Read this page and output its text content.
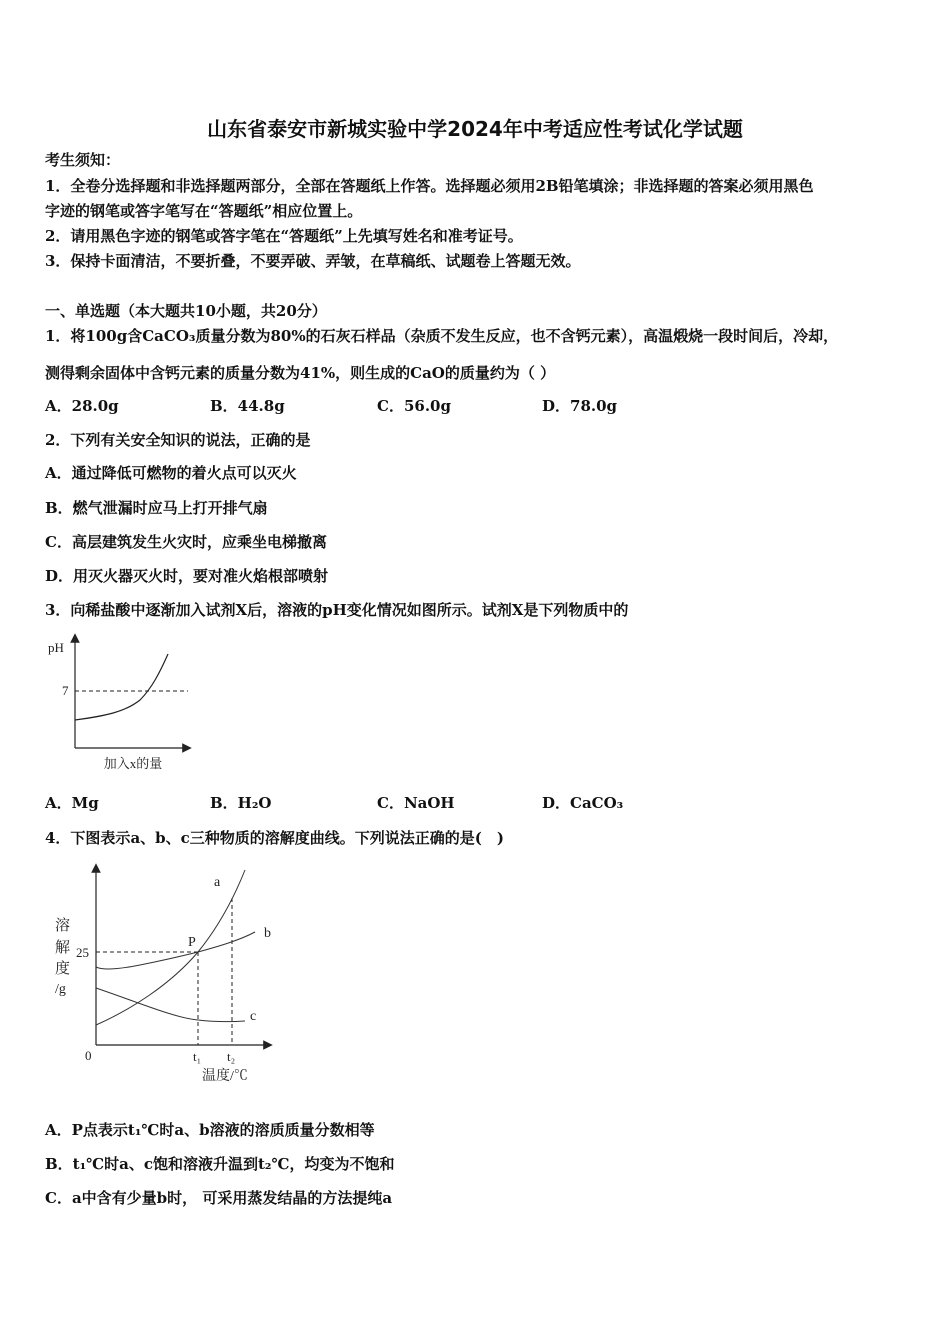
山东省泰安市新城实验中学2024年中考适应性考试化学试题
考生须知：
1．全卷分选择题和非选择题两部分，全部在答题纸上作答。选择题必须用2B铅笔填涂；非选择题的答案必须用黑色
字迹的钢笔或答字笔写在“答题纸”相应位置上。
2．请用黑色字迹的钢笔或答字笔在“答题纸”上先填写姓名和准考证号。
3．保持卡面清洁，不要折叠，不要弄破、弄皱，在草稿纸、试题卷上答题无效。
一、单选题（本大题共10小题，共20分）
1．将100g含CaCO₃质量分数为80%的石灰石样品（杂质不发生反应，也不含钙元素），高温煅烧一段时间后，冷却，
测得剩余固体中含钙元素的质量分数为41%，则生成的CaO的质量约为（ ）
A．28.0g	B．44.8g	C．56.0g	D．78.0g
2．下列有关安全知识的说法，正确的是
A．通过降低可燃物的着火点可以灭火
B．燃气泄漏时应马上打开排气扇
C．高层建筑发生火灾时，应乘坐电梯撤离
D．用灭火器灭火时，要对准火焰根部喷射
3．向稀盐酸中逐渐加入试剂X后，溶液的pH变化情况如图所示。试剂X是下列物质中的
pH
7
加入x的量
A．Mg	B．H₂O	C．NaOH	D．CaCO₃
4．下图表示a、b、c三种物质的溶解度曲线。下列说法正确的是(　)
溶
解
度
/g
25
P
0	t₁ t₂
温度/℃
a
b
c
A．P点表示t₁℃时a、b溶液的溶质质量分数相等
B．t₁℃时a、c饱和溶液升温到t₂℃，均变为不饱和
C．a中含有少量b时， 可采用蒸发结晶的方法提纯a
